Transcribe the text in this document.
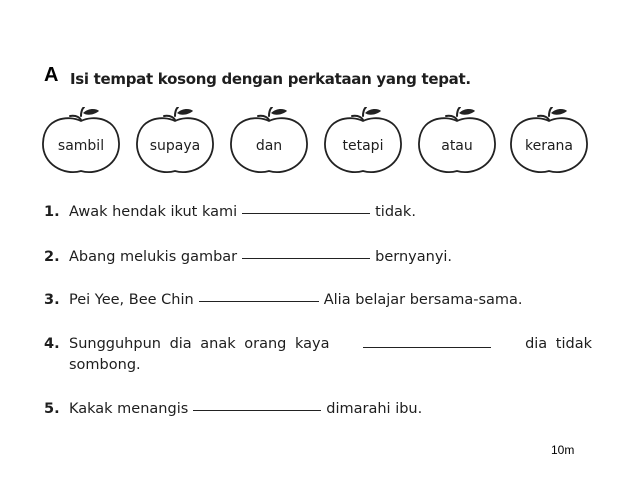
A Isi tempat kosong dengan perkataan yang tepat.
sambil	supaya	dan	tetapi	atau	kerana
1. Awak hendak ikut kami	tidak.
2. Abang melukis gambar	bernyanyi.
3. Pei Yee, Bee Chin	Alia belajar bersama-sama.
4. Sungguhpun dia anak orang kaya	dia tidak
sombong.
5. Kakak menangis	dimarahi ibu.
10m
